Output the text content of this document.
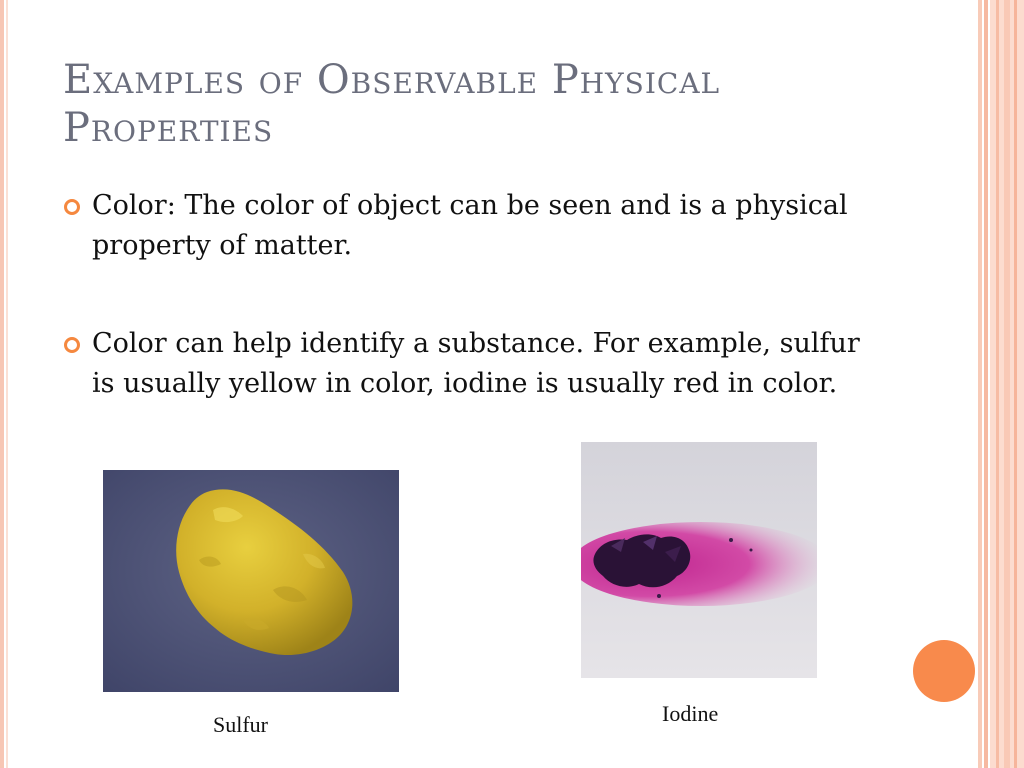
Examples of Observable Physical Properties
Color: The color of object can be seen and is a physical property of matter.
Color can help identify a substance. For example, sulfur is usually yellow in color, iodine is usually red in color.
Sulfur	Iodine
